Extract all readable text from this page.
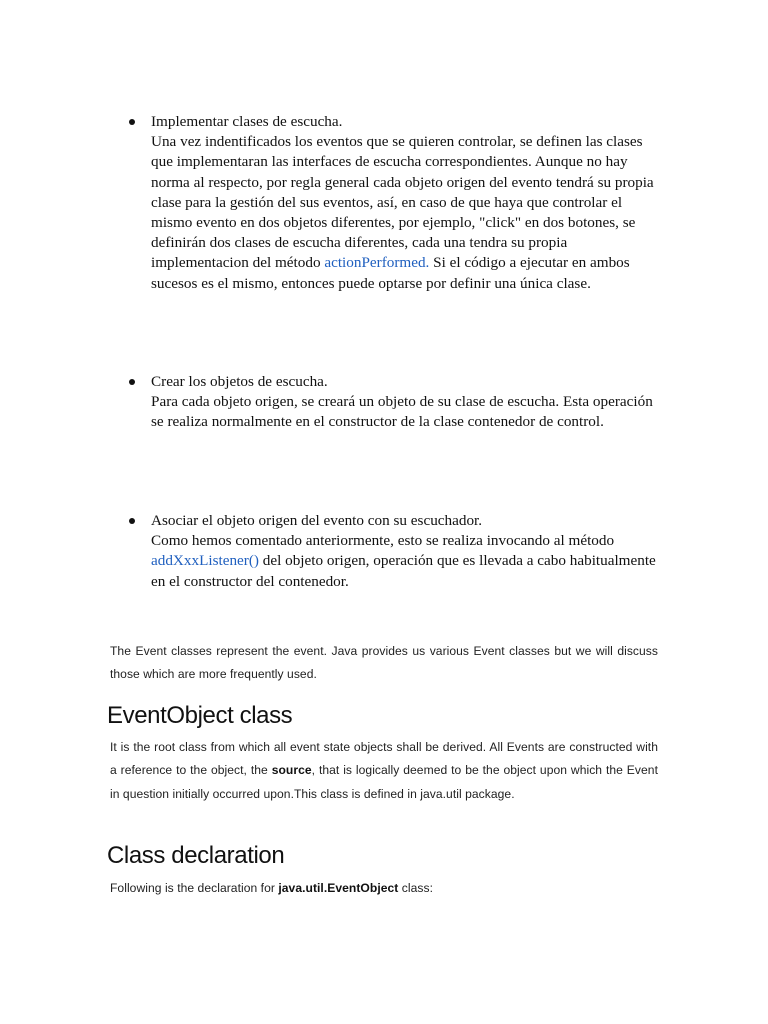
Implementar clases de escucha.

Una vez indentificados los eventos que se quieren controlar, se definen las clases que implementaran las interfaces de escucha correspondientes. Aunque no hay norma al respecto, por regla general cada objeto origen del evento tendrá su propia clase para la gestión del sus eventos, así, en caso de que haya que controlar el mismo evento en dos objetos diferentes, por ejemplo, "click" en dos botones, se definirán dos clases de escucha diferentes, cada una tendra su propia implementacion del método actionPerformed. Si el código a ejecutar en ambos sucesos es el mismo, entonces puede optarse por definir una única clase.

Crear los objetos de escucha.

Para cada objeto origen, se creará un objeto de su clase de escucha. Esta operación se realiza normalmente en el constructor de la clase contenedor de control.

Asociar el objeto origen del evento con su escuchador.

Como hemos comentado anteriormente, esto se realiza invocando al método addXxxListener() del objeto origen, operación que es llevada a cabo habitualmente en el constructor del contenedor.

The Event classes represent the event. Java provides us various Event classes but we will discuss those which are more frequently used.

EventObject class

It is the root class from which all event state objects shall be derived. All Events are constructed with a reference to the object, the source, that is logically deemed to be the object upon which the Event in question initially occurred upon.This class is defined in java.util package.

Class declaration

Following is the declaration for java.util.EventObject class:
